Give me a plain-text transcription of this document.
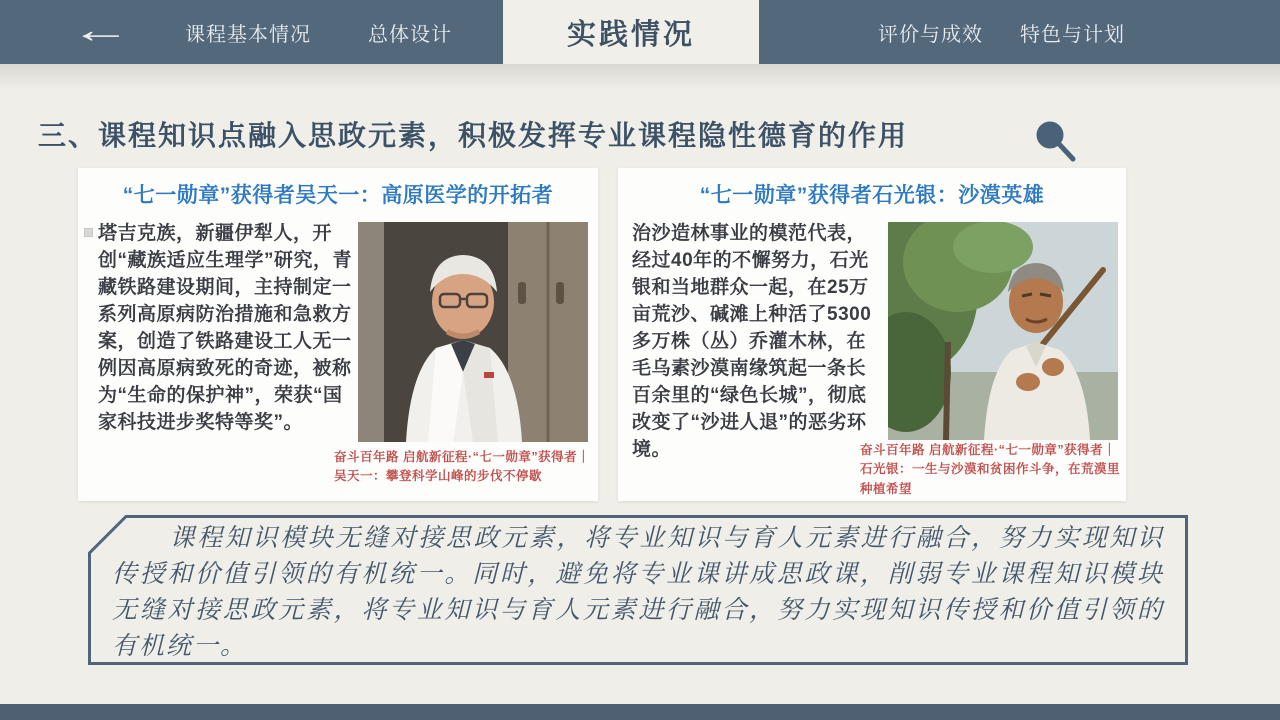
←	课程基本情况	总体设计	评价与成效 特色与计划
实践情况
三、课程知识点融入思政元素，积极发挥专业课程隐性德育的作用
“七一勋章”获得者吴天一：高原医学的开拓者
塔吉克族，新疆伊犁人，开创“藏族适应生理学”研究，青藏铁路建设期间，主持制定一系列高原病防治措施和急救方案，创造了铁路建设工人无一例因高原病致死的奇迹，被称为“生命的保护神”，荣获“国家科技进步奖特等奖”。
奋斗百年路 启航新征程·“七一勋章”获得者｜吴天一：攀登科学山峰的步伐不停歇
“七一勋章”获得者石光银：沙漠英雄
治沙造林事业的模范代表，经过40年的不懈努力，石光银和当地群众一起，在25万亩荒沙、碱滩上种活了5300多万株（丛）乔灌木林，在毛乌素沙漠南缘筑起一条长百余里的“绿色长城”，彻底改变了“沙进人退”的恶劣环境。	奋斗百年路 启航新征程·“七一勋章”获得者｜石光银：一生与沙漠和贫困作斗争，在荒漠里种植希望
课程知识模块无缝对接思政元素，将专业知识与育人元素进行融合，努力实现知识传授和价值引领的有机统一。同时，避免将专业课讲成思政课，削弱专业课程知识模块无缝对接思政元素，将专业知识与育人元素进行融合，努力实现知识传授和价值引领的有机统一。
